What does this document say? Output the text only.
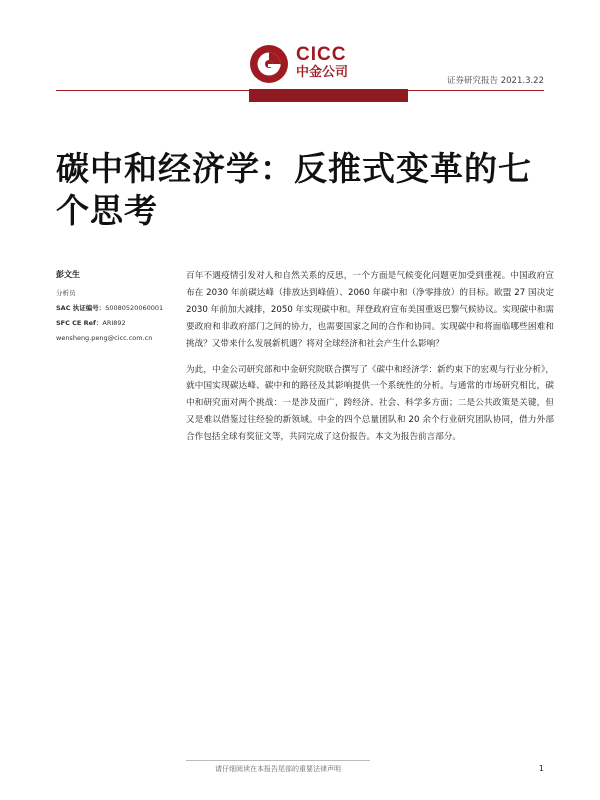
CICC
中金公司
证券研究报告 2021.3.22
碳中和经济学：反推式变革的七个思考
彭文生
分析员
SAC 执证编号：S0080520060001
SFC CE Ref：ARI892
wensheng.peng@cicc.com.cn

百年不遇疫情引发对人和自然关系的反思，一个方面是气候变化问题更加受到重视。中国政府宣布在 2030 年前碳达峰（排放达到峰值）、2060 年碳中和（净零排放）的目标。欧盟 27 国决定 2030 年前加大减排，2050 年实现碳中和。拜登政府宣布美国重返巴黎气候协议。实现碳中和需要政府和非政府部门之间的协力，也需要国家之间的合作和协同。实现碳中和将面临哪些困难和挑战？又带来什么发展新机遇？将对全球经济和社会产生什么影响？

为此，中金公司研究部和中金研究院联合撰写了《碳中和经济学：新约束下的宏观与行业分析》，就中国实现碳达峰、碳中和的路径及其影响提供一个系统性的分析。与通常的市场研究相比，碳中和研究面对两个挑战：一是涉及面广，跨经济、社会、科学多方面；二是公共政策是关键，但又是难以借鉴过往经验的新领域。中金的四个总量团队和 20 余个行业研究团队协同，借力外部合作包括全球有奖征文等，共同完成了这份报告。本文为报告前言部分。

请仔细阅读在本报告尾部的重要法律声明	1
